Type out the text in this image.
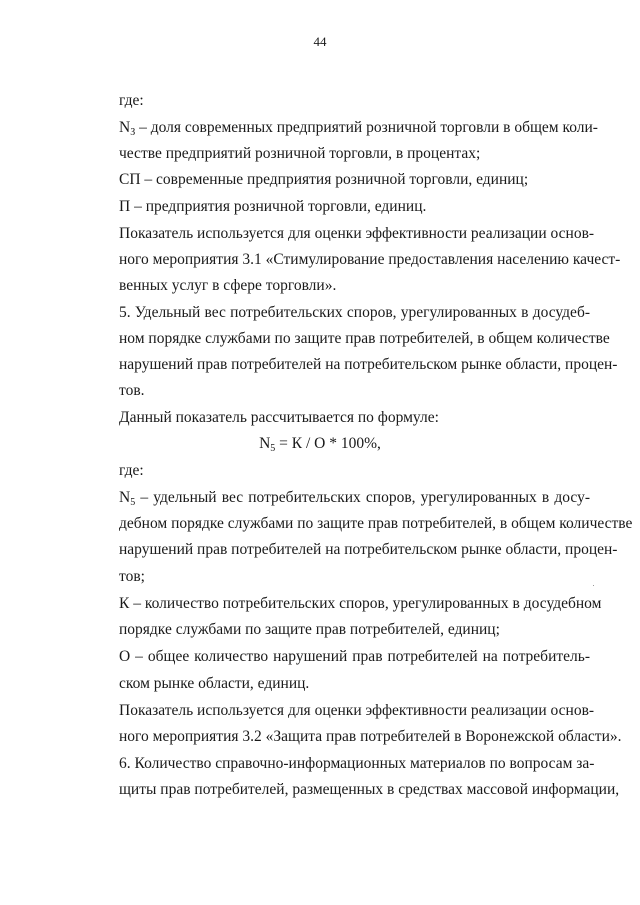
44
где:
$N_З$ – доля современных предприятий розничной торговли в общем коли-
честве предприятий розничной торговли, в процентах;
СП – современные предприятия розничной торговли, единиц;
П – предприятия розничной торговли, единиц.
Показатель используется для оценки эффективности реализации основ-
ного мероприятия 3.1 «Стимулирование предоставления населению качест-
венных услуг в сфере торговли».
5. Удельный вес потребительских споров, урегулированных в досудеб-
ном порядке службами по защите прав потребителей, в общем количестве
нарушений прав потребителей на потребительском рынке области, процен-
тов.
Данный показатель рассчитывается по формуле:
$N_5 = К / О * 100\%$,
где:
$N_5$ – удельный вес потребительских споров, урегулированных в досу-
дебном порядке службами по защите прав потребителей, в общем количестве
нарушений прав потребителей на потребительском рынке области, процен-
тов;
К – количество потребительских споров, урегулированных в досудебном
порядке службами по защите прав потребителей, единиц;
О – общее количество нарушений прав потребителей на потребитель-
ском рынке области, единиц.
Показатель используется для оценки эффективности реализации основ-
ного мероприятия 3.2 «Защита прав потребителей в Воронежской области».
6. Количество справочно-информационных материалов по вопросам за-
щиты прав потребителей, размещенных в средствах массовой информации,
